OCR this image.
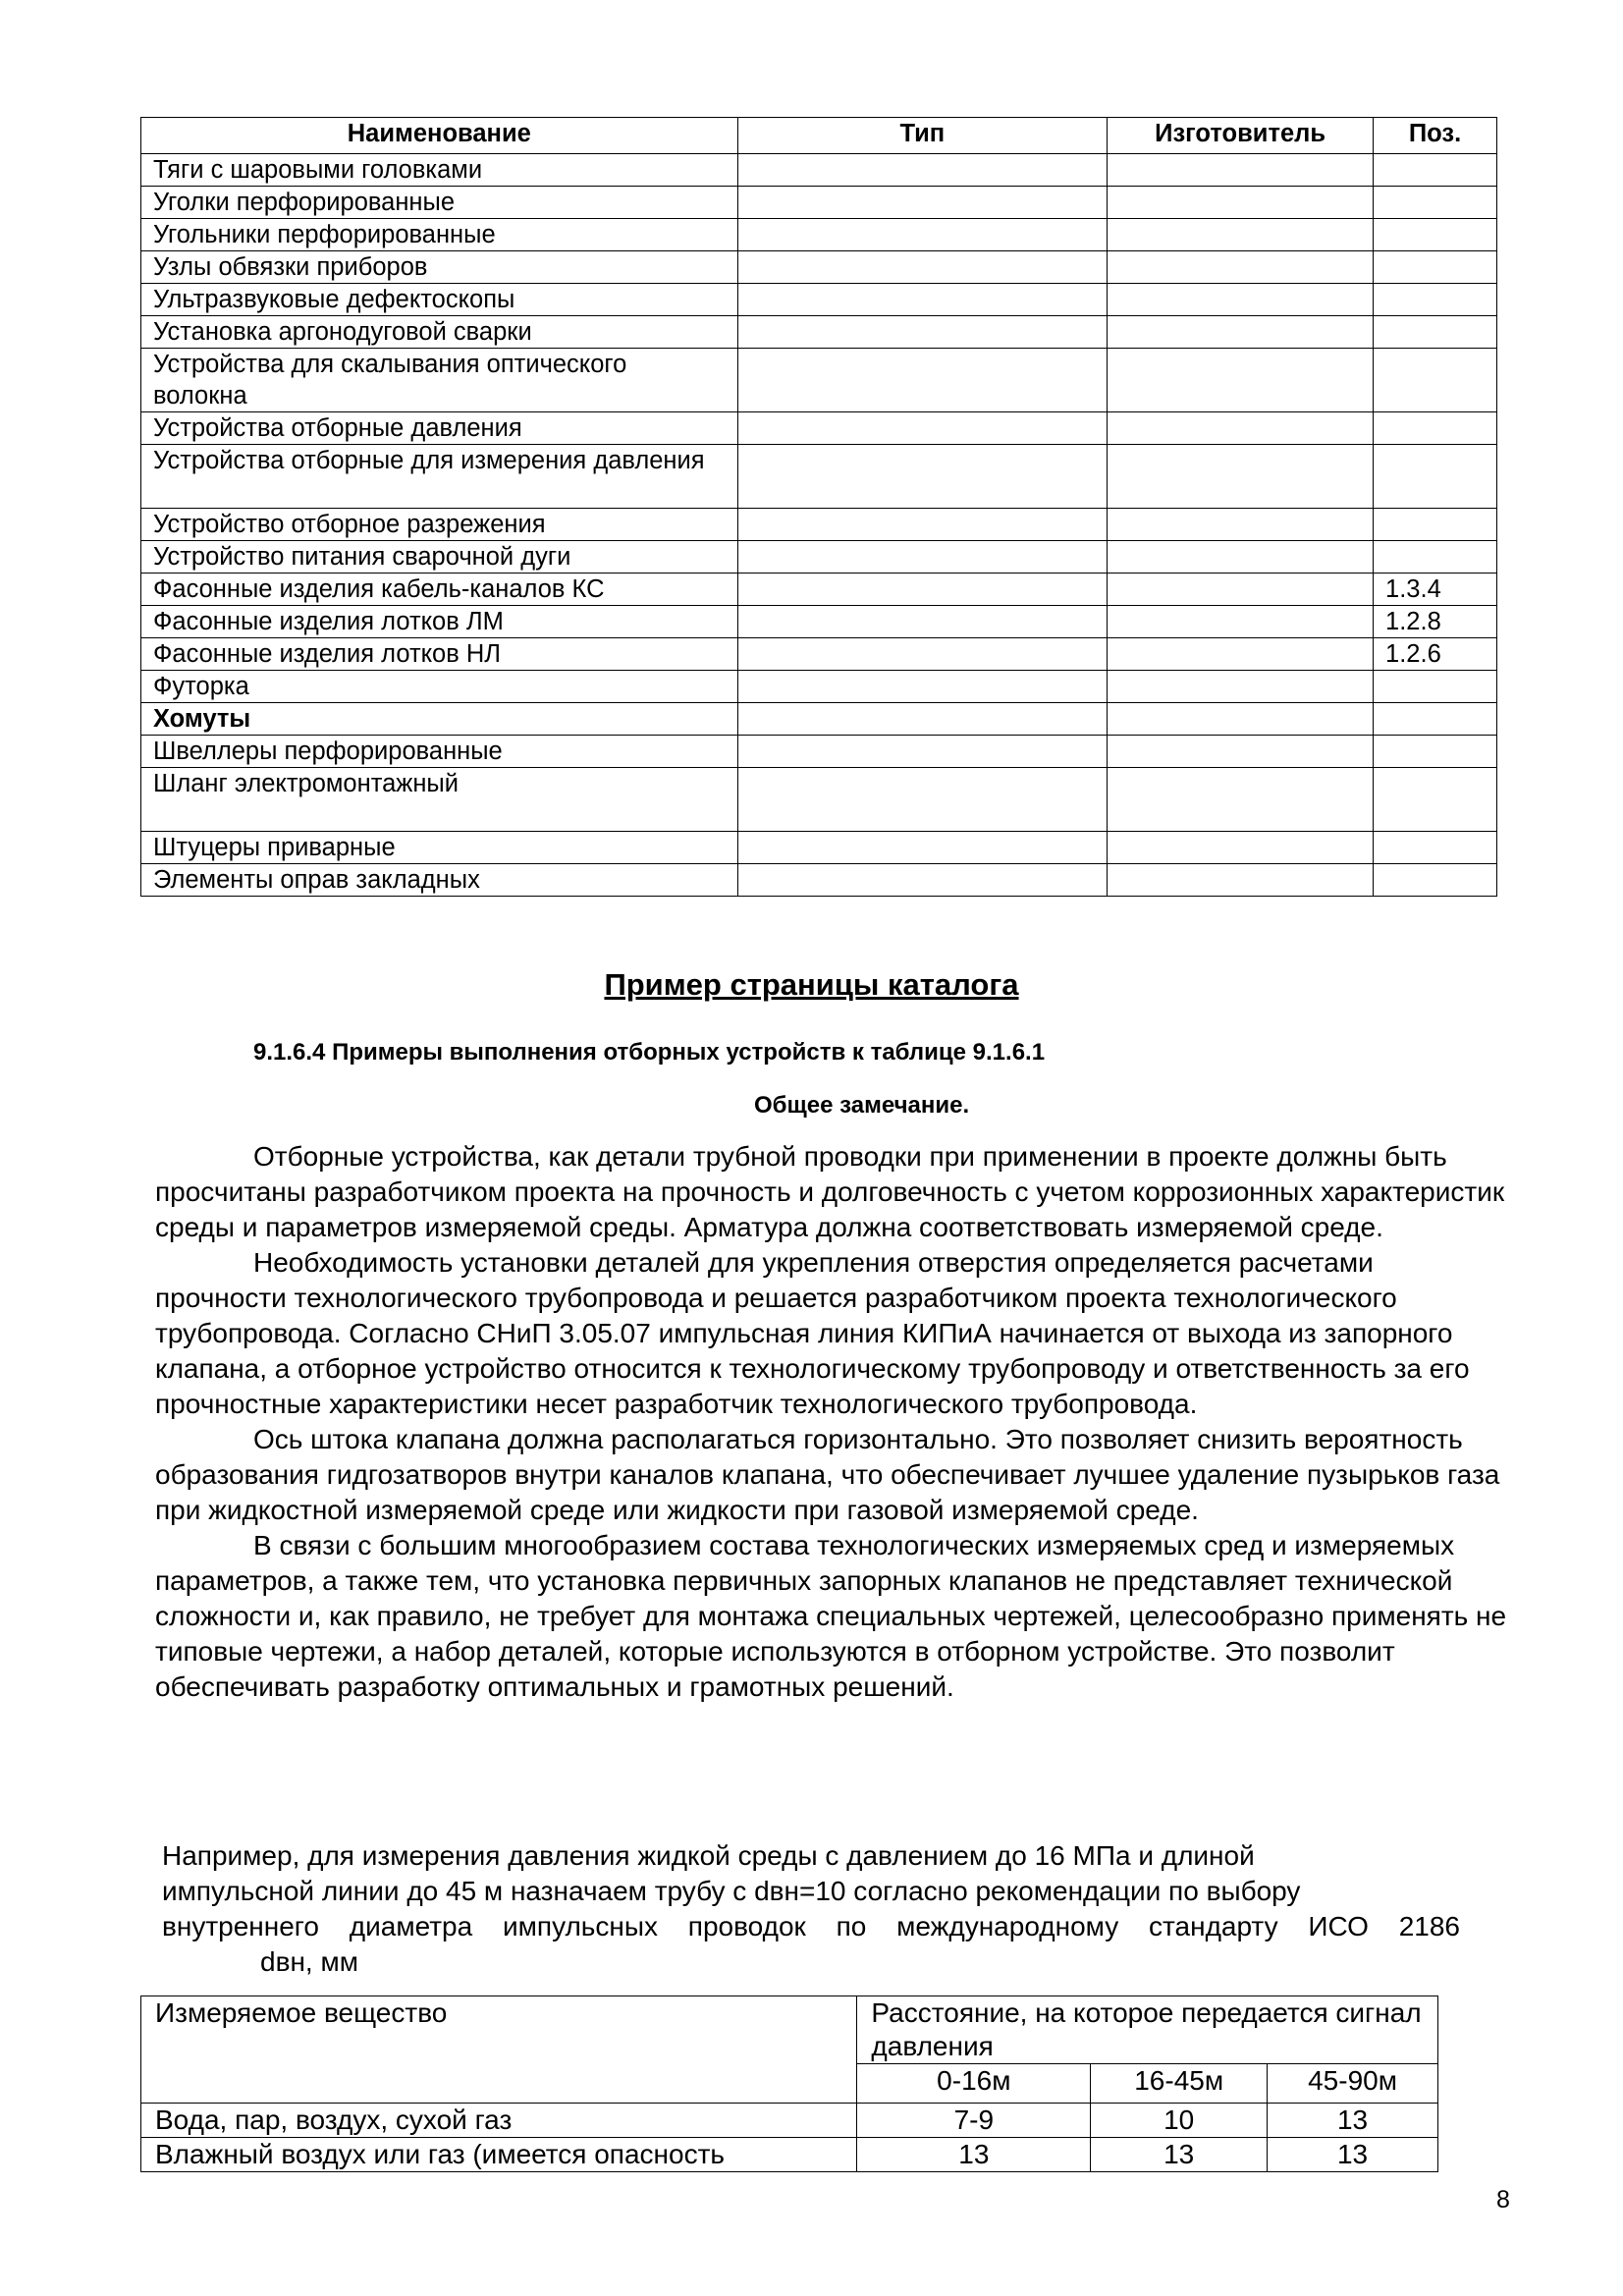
Наименование	Тип	Изготовитель	Поз.
Тяги с шаровыми головками			
Уголки перфорированные			
Угольники перфорированные			
Узлы обвязки приборов			
Ультразвуковые дефектоскопы			
Установка аргонодуговой сварки			
Устройства для скалывания оптического волокна			
Устройства отборные давления			
Устройства отборные для измерения давления			
Устройство отборное разрежения			
Устройство питания сварочной дуги			
Фасонные изделия кабель-каналов КС			1.3.4
Фасонные изделия лотков ЛМ			1.2.8
Фасонные изделия лотков НЛ			1.2.6
Футорка			
Хомуты			
Швеллеры перфорированные			
Шланг электромонтажный			
Штуцеры приварные			
Элементы оправ закладных			
Пример страницы каталога
9.1.6.4 Примеры выполнения отборных устройств к таблице 9.1.6.1
Общее замечание.

Отборные устройства, как детали трубной проводки при применении в проекте должны быть просчитаны разработчиком проекта на прочность и долговечность с учетом коррозионных характеристик среды и параметров измеряемой среды. Арматура должна соответствовать измеряемой среде.

Необходимость установки деталей для укрепления отверстия определяется расчетами прочности технологического трубопровода и решается разработчиком проекта технологического трубопровода. Согласно СНиП 3.05.07 импульсная линия КИПиА начинается от выхода из запорного клапана, а отборное устройство относится к технологическому трубопроводу и ответственность за его прочностные характеристики несет разработчик технологического трубопровода.

Ось штока клапана должна располагаться горизонтально. Это позволяет снизить вероятность образования гидгозатворов внутри каналов клапана, что обеспечивает лучшее удаление пузырьков газа при жидкостной измеряемой среде или жидкости при газовой измеряемой среде.

В связи с большим многообразием состава технологических измеряемых сред и измеряемых параметров, а также тем, что установка первичных запорных клапанов не представляет технической сложности и, как правило, не требует для монтажа специальных чертежей, целесообразно применять не типовые чертежи, а набор деталей, которые используются в отборном устройстве. Это позволит обеспечивать разработку оптимальных и грамотных решений.

Например, для измерения давления жидкой среды с давлением до 16 МПа и длиной
импульсной линии до 45 м назначаем трубу с dвн=10 согласно рекомендации по выбору
внутреннего диаметра импульсных проводок по международному стандарту ИСО 2186
dвн, мм
Измеряемое вещество	Расстояние, на которое передается сигнал давления		
	0-16м	16-45м	45-90м
Вода, пар, воздух, сухой газ	7-9	10	13
Влажный воздух или газ (имеется опасность	13	13	13
8
